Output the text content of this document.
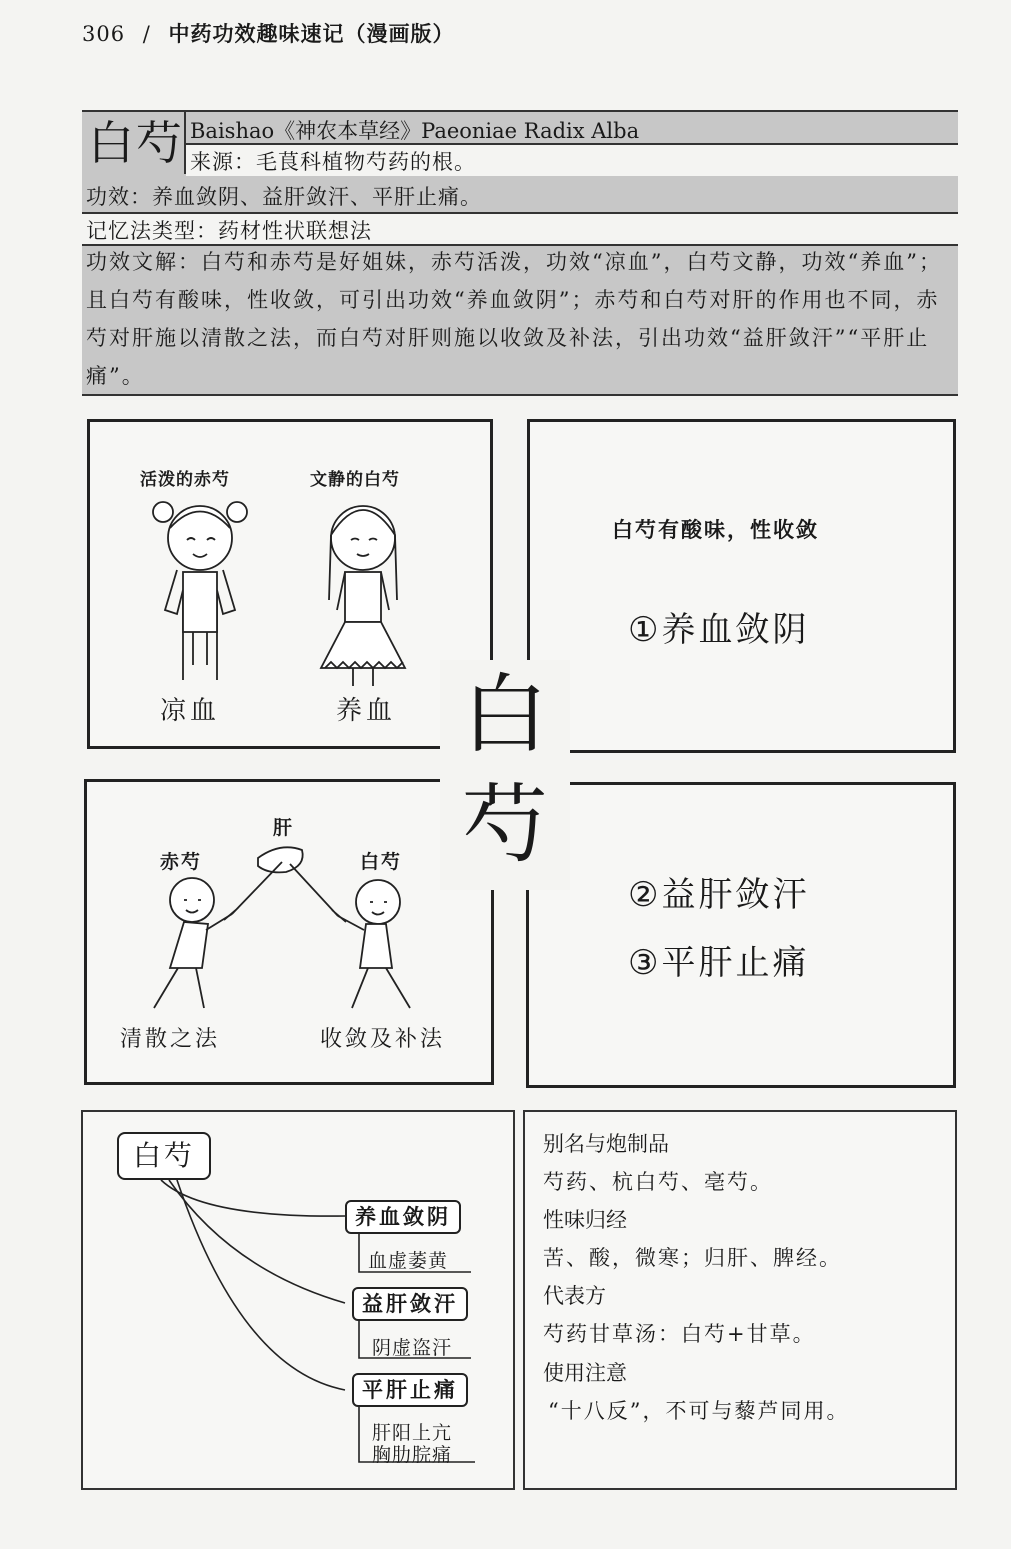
306 / 中药功效趣味速记（漫画版）
白芍 Baishao《神农本草经》Paeoniae Radix Alba
来源：毛茛科植物芍药的根。
功效：养血敛阴、益肝敛汗、平肝止痛。
记忆法类型：药材性状联想法
功效文解：白芍和赤芍是好姐妹，赤芍活泼，功效“凉血”，白芍文静，功效“养血”；且白芍有酸味，性收敛，可引出功效“养血敛阴”；赤芍和白芍对肝的作用也不同，赤芍对肝施以清散之法，而白芍对肝则施以收敛及补法，引出功效“益肝敛汗”“平肝止痛”。
活泼的赤芍	文静的白芍
凉血	养血
白芍有酸味，性收敛
①养血敛阴
白
芍
肝
赤芍	白芍
清散之法	收敛及补法
②益肝敛汗
③平肝止痛
白芍
养血敛阴
血虚萎黄
益肝敛汗
阴虚盗汗
平肝止痛
肝阳上亢
胸肋脘痛
别名与炮制品
芍药、杭白芍、亳芍。
性味归经
苦、酸，微寒；归肝、脾经。
代表方
芍药甘草汤：白芍+甘草。
使用注意
“十八反”，不可与藜芦同用。
